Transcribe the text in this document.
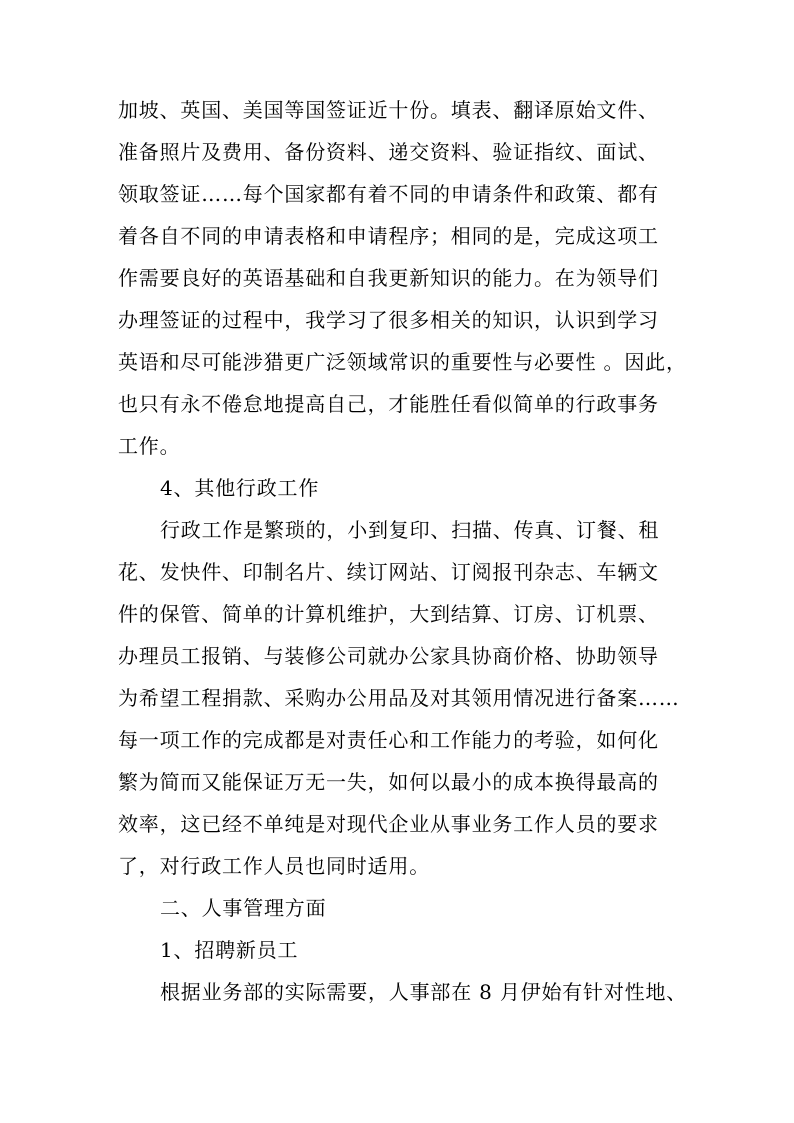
加坡、英国、美国等国签证近十份。填表、翻译原始文件、
准备照片及费用、备份资料、递交资料、验证指纹、面试、
领取签证……每个国家都有着不同的申请条件和政策、都有
着各自不同的申请表格和申请程序；相同的是，完成这项工
作需要良好的英语基础和自我更新知识的能力。在为领导们
办理签证的过程中，我学习了很多相关的知识，认识到学习
英语和尽可能涉猎更广泛领域常识的重要性与必要性 。因此，
也只有永不倦怠地提高自己，才能胜任看似简单的行政事务
工作。
4、其他行政工作
行政工作是繁琐的，小到复印、扫描、传真、订餐、租
花、发快件、印制名片、续订网站、订阅报刊杂志、车辆文
件的保管、简单的计算机维护，大到结算、订房、订机票、
办理员工报销、与装修公司就办公家具协商价格、协助领导
为希望工程捐款、采购办公用品及对其领用情况进行备案……
每一项工作的完成都是对责任心和工作能力的考验，如何化
繁为简而又能保证万无一失，如何以最小的成本换得最高的
效率，这已经不单纯是对现代企业从事业务工作人员的要求
了，对行政工作人员也同时适用。
二、人事管理方面
1、招聘新员工
根据业务部的实际需要，人事部在 8 月伊始有针对性地、
